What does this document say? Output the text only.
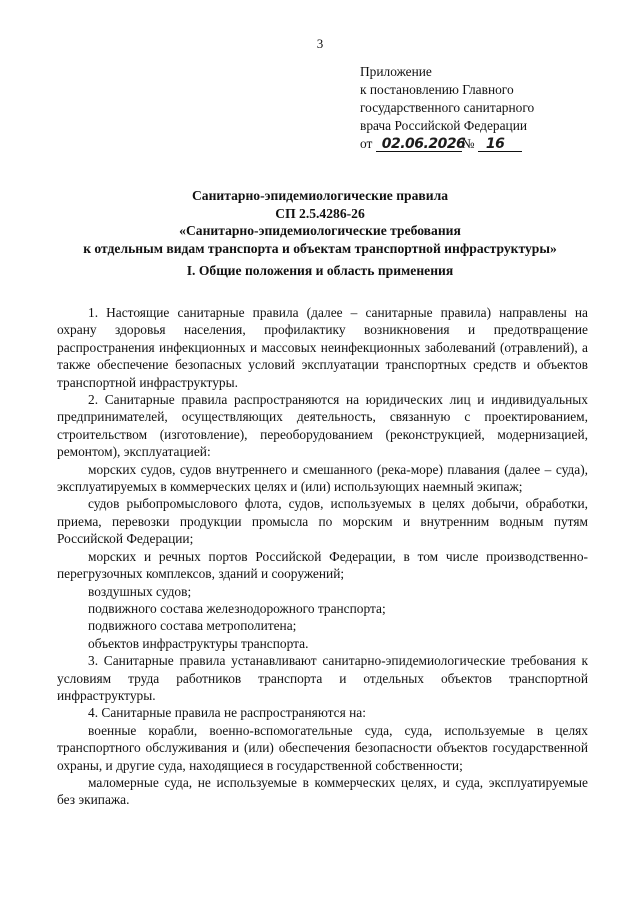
3
Приложение
к постановлению Главного
государственного санитарного
врача Российской Федерации
от 02.06.2026№ 16
Санитарно-эпидемиологические правила
СП 2.5.4286-26
«Санитарно-эпидемиологические требования
к отдельным видам транспорта и объектам транспортной инфраструктуры»
I. Общие положения и область применения

1. Настоящие санитарные правила (далее – санитарные правила) направлены на охрану здоровья населения, профилактику возникновения и предотвращение распространения инфекционных и массовых неинфекционных заболеваний (отравлений), а также обеспечение безопасных условий эксплуатации транспортных средств и объектов транспортной инфраструктуры.

2. Санитарные правила распространяются на юридических лиц и индивидуальных предпринимателей, осуществляющих деятельность, связанную с проектированием, строительством (изготовление), переоборудованием (реконструкцией, модернизацией, ремонтом), эксплуатацией:

морских судов, судов внутреннего и смешанного (река-море) плавания (далее – суда), эксплуатируемых в коммерческих целях и (или) использующих наемный экипаж;

судов рыбопромыслового флота, судов, используемых в целях добычи, обработки, приема, перевозки продукции промысла по морским и внутренним водным путям Российской Федерации;

морских и речных портов Российской Федерации, в том числе производственно-перегрузочных комплексов, зданий и сооружений;

воздушных судов;

подвижного состава железнодорожного транспорта;

подвижного состава метрополитена;

объектов инфраструктуры транспорта.

3. Санитарные правила устанавливают санитарно-эпидемиологические требования к условиям труда работников транспорта и отдельных объектов транспортной инфраструктуры.

4. Санитарные правила не распространяются на:

военные корабли, военно-вспомогательные суда, суда, используемые в целях транспортного обслуживания и (или) обеспечения безопасности объектов государственной охраны, и другие суда, находящиеся в государственной собственности;

маломерные суда, не используемые в коммерческих целях, и суда, эксплуатируемые без экипажа.
